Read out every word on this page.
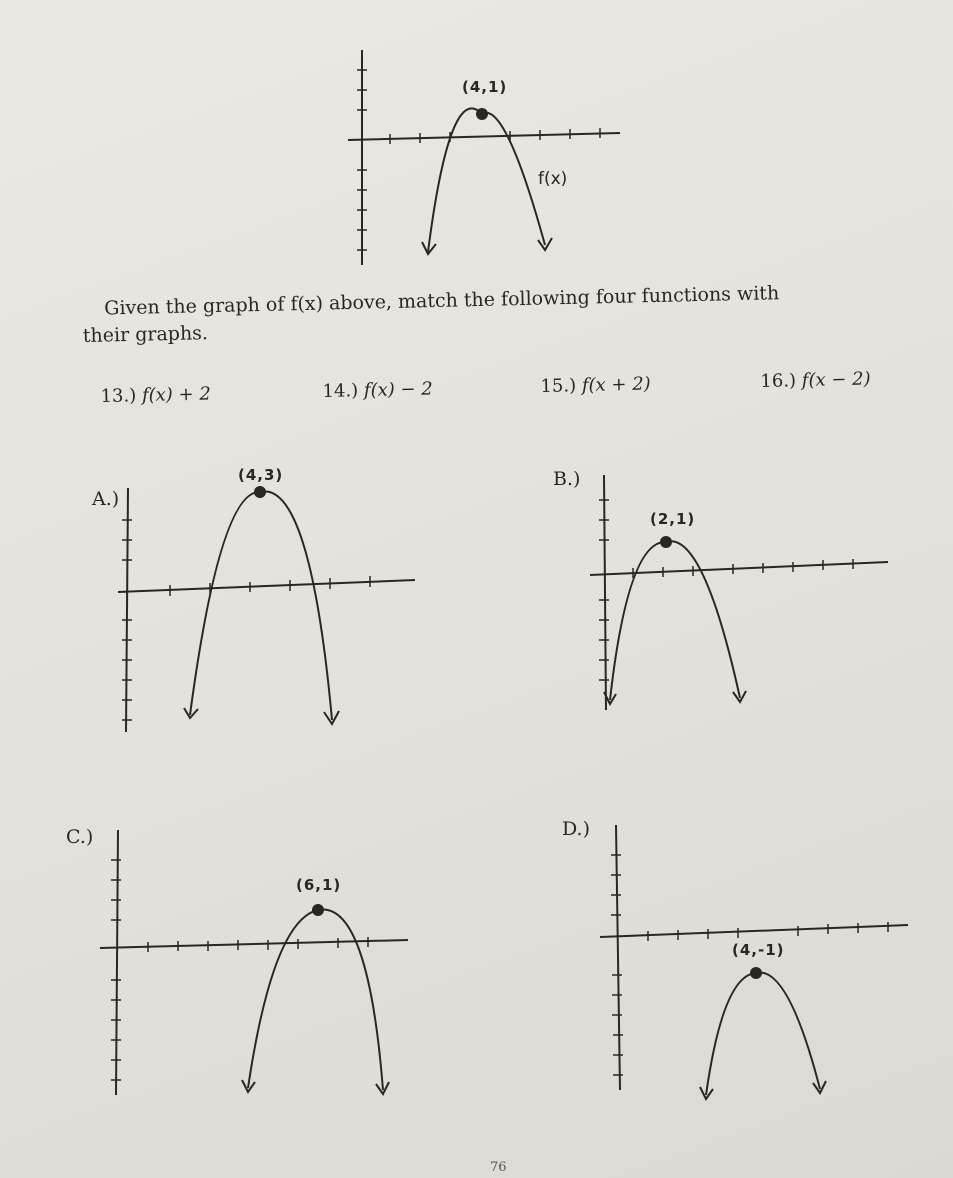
(4,1)
f(x)
Given the graph of f(x) above, match the following four functions with
their graphs.
13.) f(x) + 2	14.) f(x) − 2	15.) f(x + 2)	16.) f(x − 2)
A.)
(4,3)	B.)
(2,1)
C.)
(6,1)
D.)
(4,-1)
76
